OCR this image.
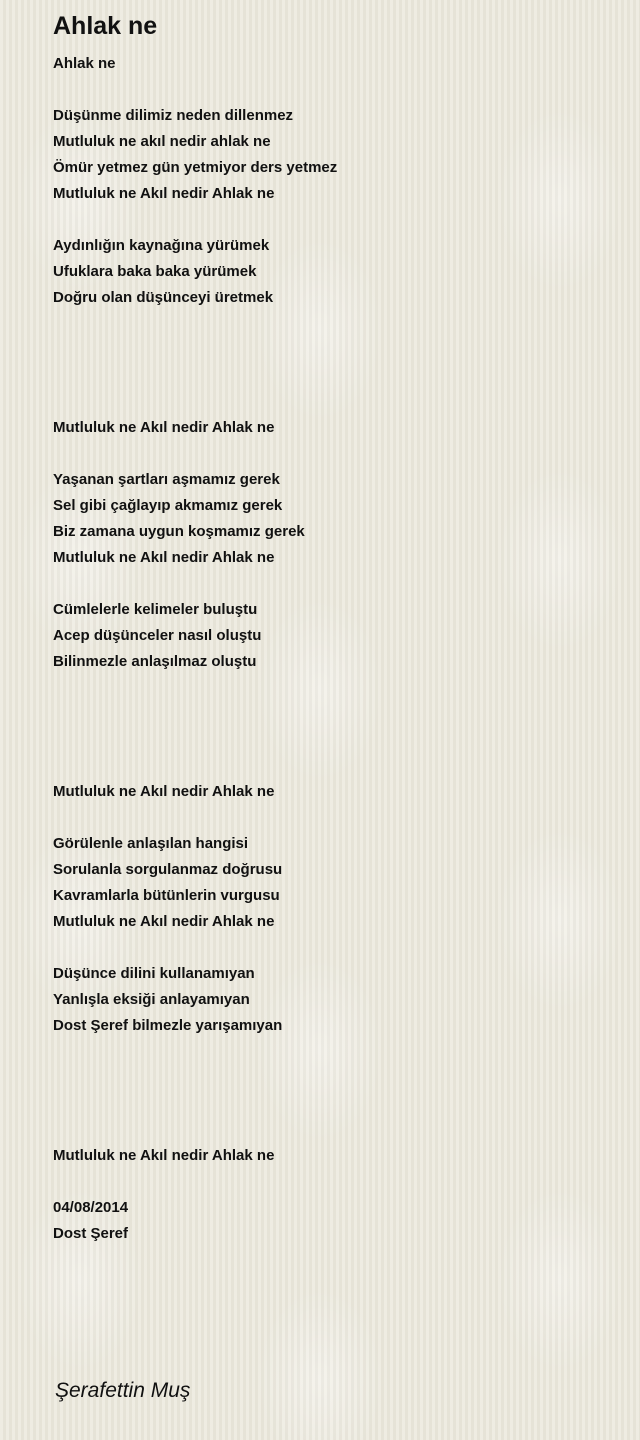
Ahlak ne
Ahlak ne
Düşünme dilimiz neden dillenmez
Mutluluk ne akıl nedir ahlak ne
Ömür yetmez gün yetmiyor ders yetmez
Mutluluk ne Akıl nedir Ahlak ne
Aydınlığın kaynağına yürümek
Ufuklara baka baka yürümek
Doğru olan düşünceyi üretmek
Mutluluk ne Akıl nedir Ahlak ne
Yaşanan şartları aşmamız gerek
Sel gibi çağlayıp akmamız gerek
Biz zamana uygun koşmamız gerek
Mutluluk ne Akıl nedir Ahlak ne
Cümlelerle kelimeler buluştu
Acep düşünceler nasıl oluştu
Bilinmezle anlaşılmaz oluştu
Mutluluk ne Akıl nedir Ahlak ne
Görülenle anlaşılan hangisi
Sorulanla sorgulanmaz doğrusu
Kavramlarla bütünlerin vurgusu
Mutluluk ne Akıl nedir Ahlak ne
Düşünce dilini kullanamıyan
Yanlışla eksiği anlayamıyan
Dost Şeref bilmezle yarışamıyan
Mutluluk ne Akıl nedir Ahlak ne
04/08/2014
Dost Şeref
Şerafettin Muş
